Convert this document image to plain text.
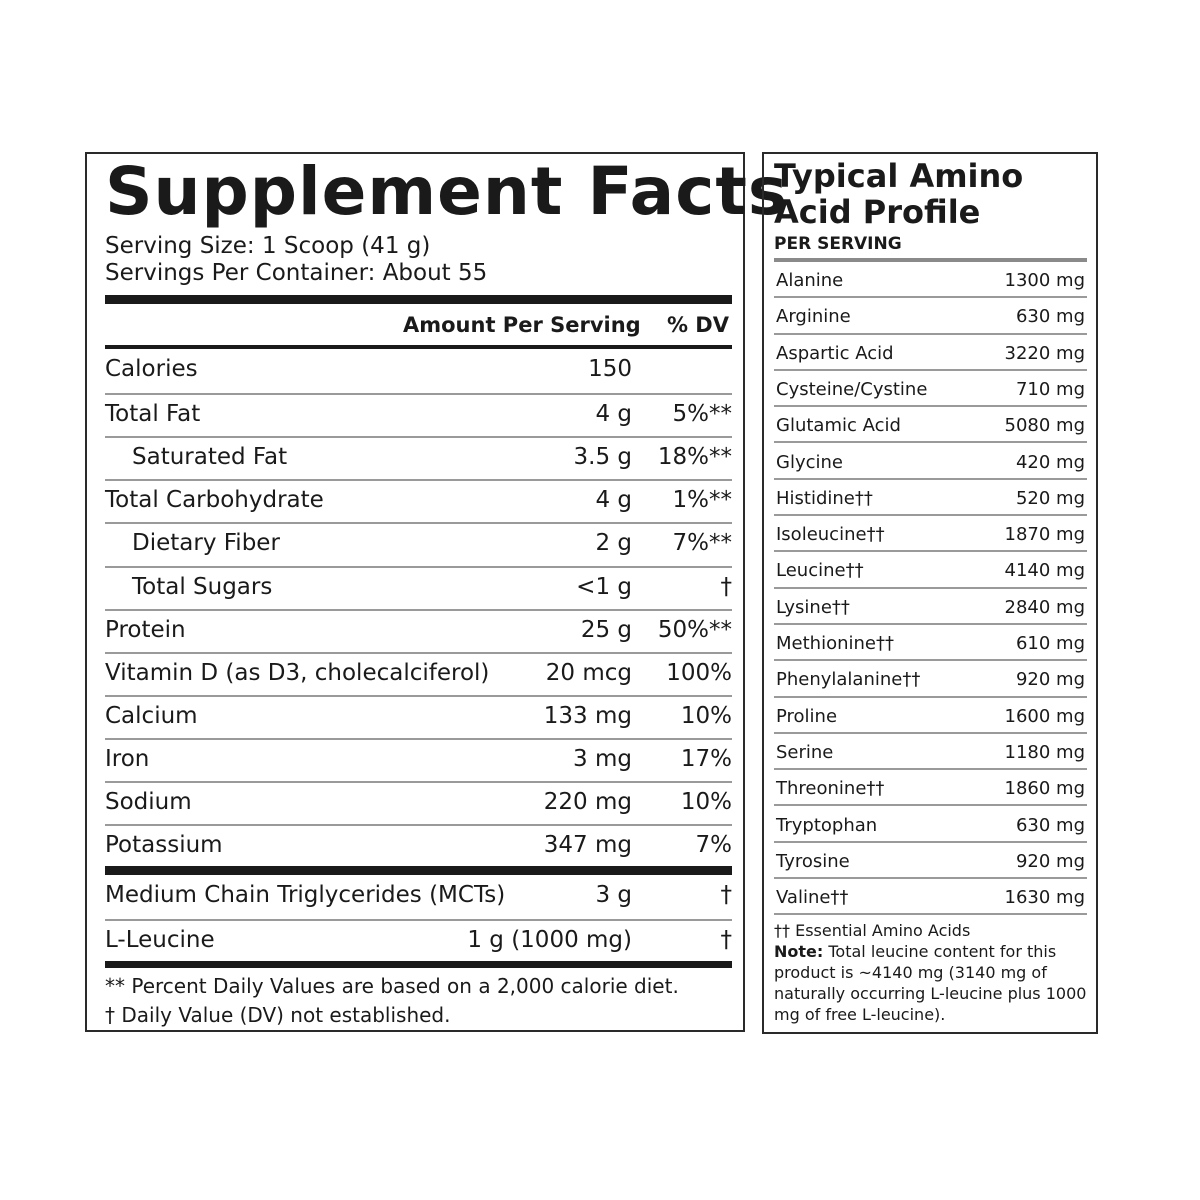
Supplement Facts
Serving Size: 1 Scoop (41 g)
Servings Per Container: About 55
Amount Per Serving % DV
Calories	150
Total Fat	4 g 5%**
Saturated Fat	3.5 g 18%**
Total Carbohydrate	4 g 1%**
Dietary Fiber	2 g 7%**
Total Sugars	<1 g	†
Protein	25 g 50%**
Vitamin D (as D3, cholecalciferol) 20 mcg 100%
Calcium	133 mg 10%
Iron	3 mg 17%
Sodium	220 mg 10%
Potassium	347 mg	7%
Medium Chain Triglycerides (MCTs)	3 g	†
L-Leucine	1 g (1000 mg)	†
** Percent Daily Values are based on a 2,000 calorie diet.
† Daily Value (DV) not established.
Typical Amino
Acid Profile
PER SERVING
Alanine	1300 mg
Arginine	630 mg
Aspartic Acid	3220 mg
Cysteine/Cystine	710 mg
Glutamic Acid	5080 mg
Glycine	420 mg
Histidine††	520 mg
Isoleucine††	1870 mg
Leucine††	4140 mg
Lysine††	2840 mg
Methionine††	610 mg
Phenylalanine††	920 mg
Proline	1600 mg
Serine	1180 mg
Threonine††	1860 mg
Tryptophan	630 mg
Tyrosine	920 mg
Valine††	1630 mg
†† Essential Amino Acids
Note: Total leucine content for this product is ~4140 mg (3140 mg of naturally occurring L-leucine plus 1000 mg of free L-leucine).
